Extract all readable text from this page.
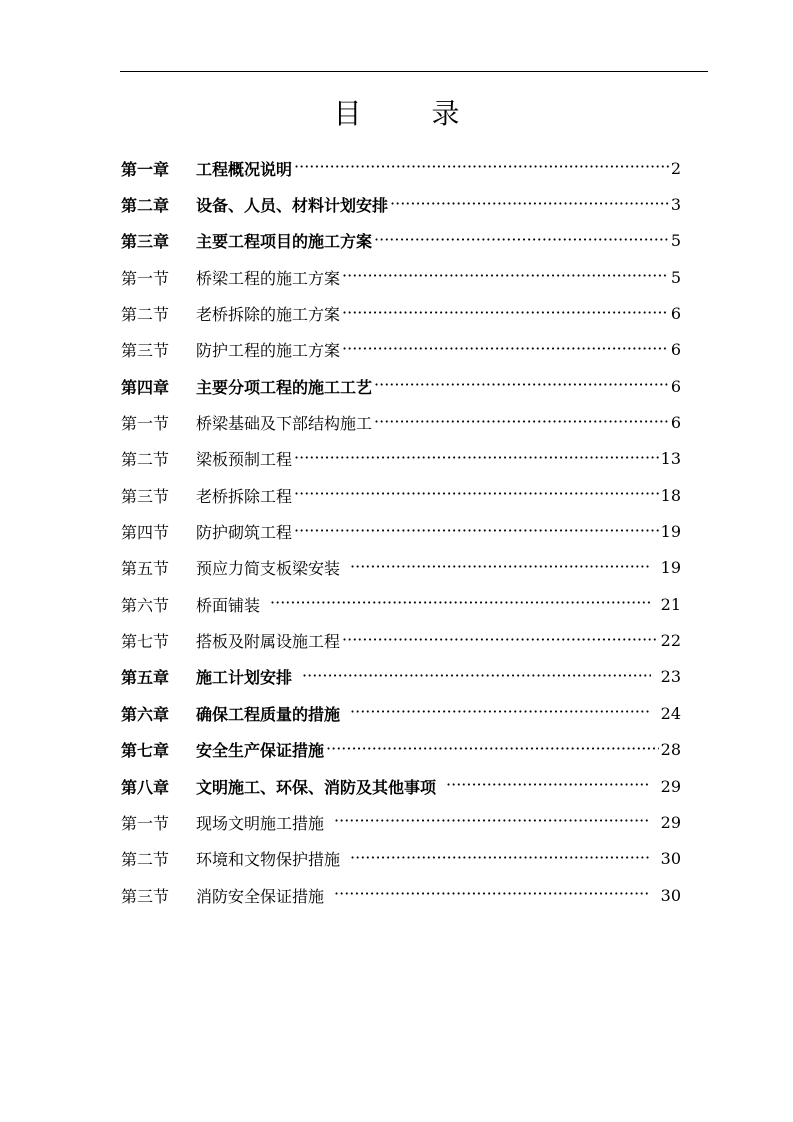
目	录
第一章	工程概况说明 ·····	2
第二章	设备、人员、材料计划安排 ·····	3
第三章	主要工程项目的施工方案 ·····	5
第一节	桥梁工程的施工方案 ·····	5
第二节	老桥拆除的施工方案 ·····	6
第三节	防护工程的施工方案 ·····	6
第四章	主要分项工程的施工工艺 ·····	6
第一节	桥梁基础及下部结构施工 ·····	6
第二节	梁板预制工程 ·····	13
第三节	老桥拆除工程 ·····	18
第四节	防护砌筑工程 ·····	19
第五节	预应力简支板梁安装 ·····	19
第六节	桥面铺装 ·····	21
第七节	搭板及附属设施工程 ·····	22
第五章	施工计划安排 ·····	23
第六章	确保工程质量的措施 ·····	24
第七章	安全生产保证措施 ·····	28
第八章	文明施工、环保、消防及其他事项 ·····	29
第一节	现场文明施工措施 ·····	29
第二节	环境和文物保护措施 ·····	30
第三节	消防安全保证措施 ·····	30
